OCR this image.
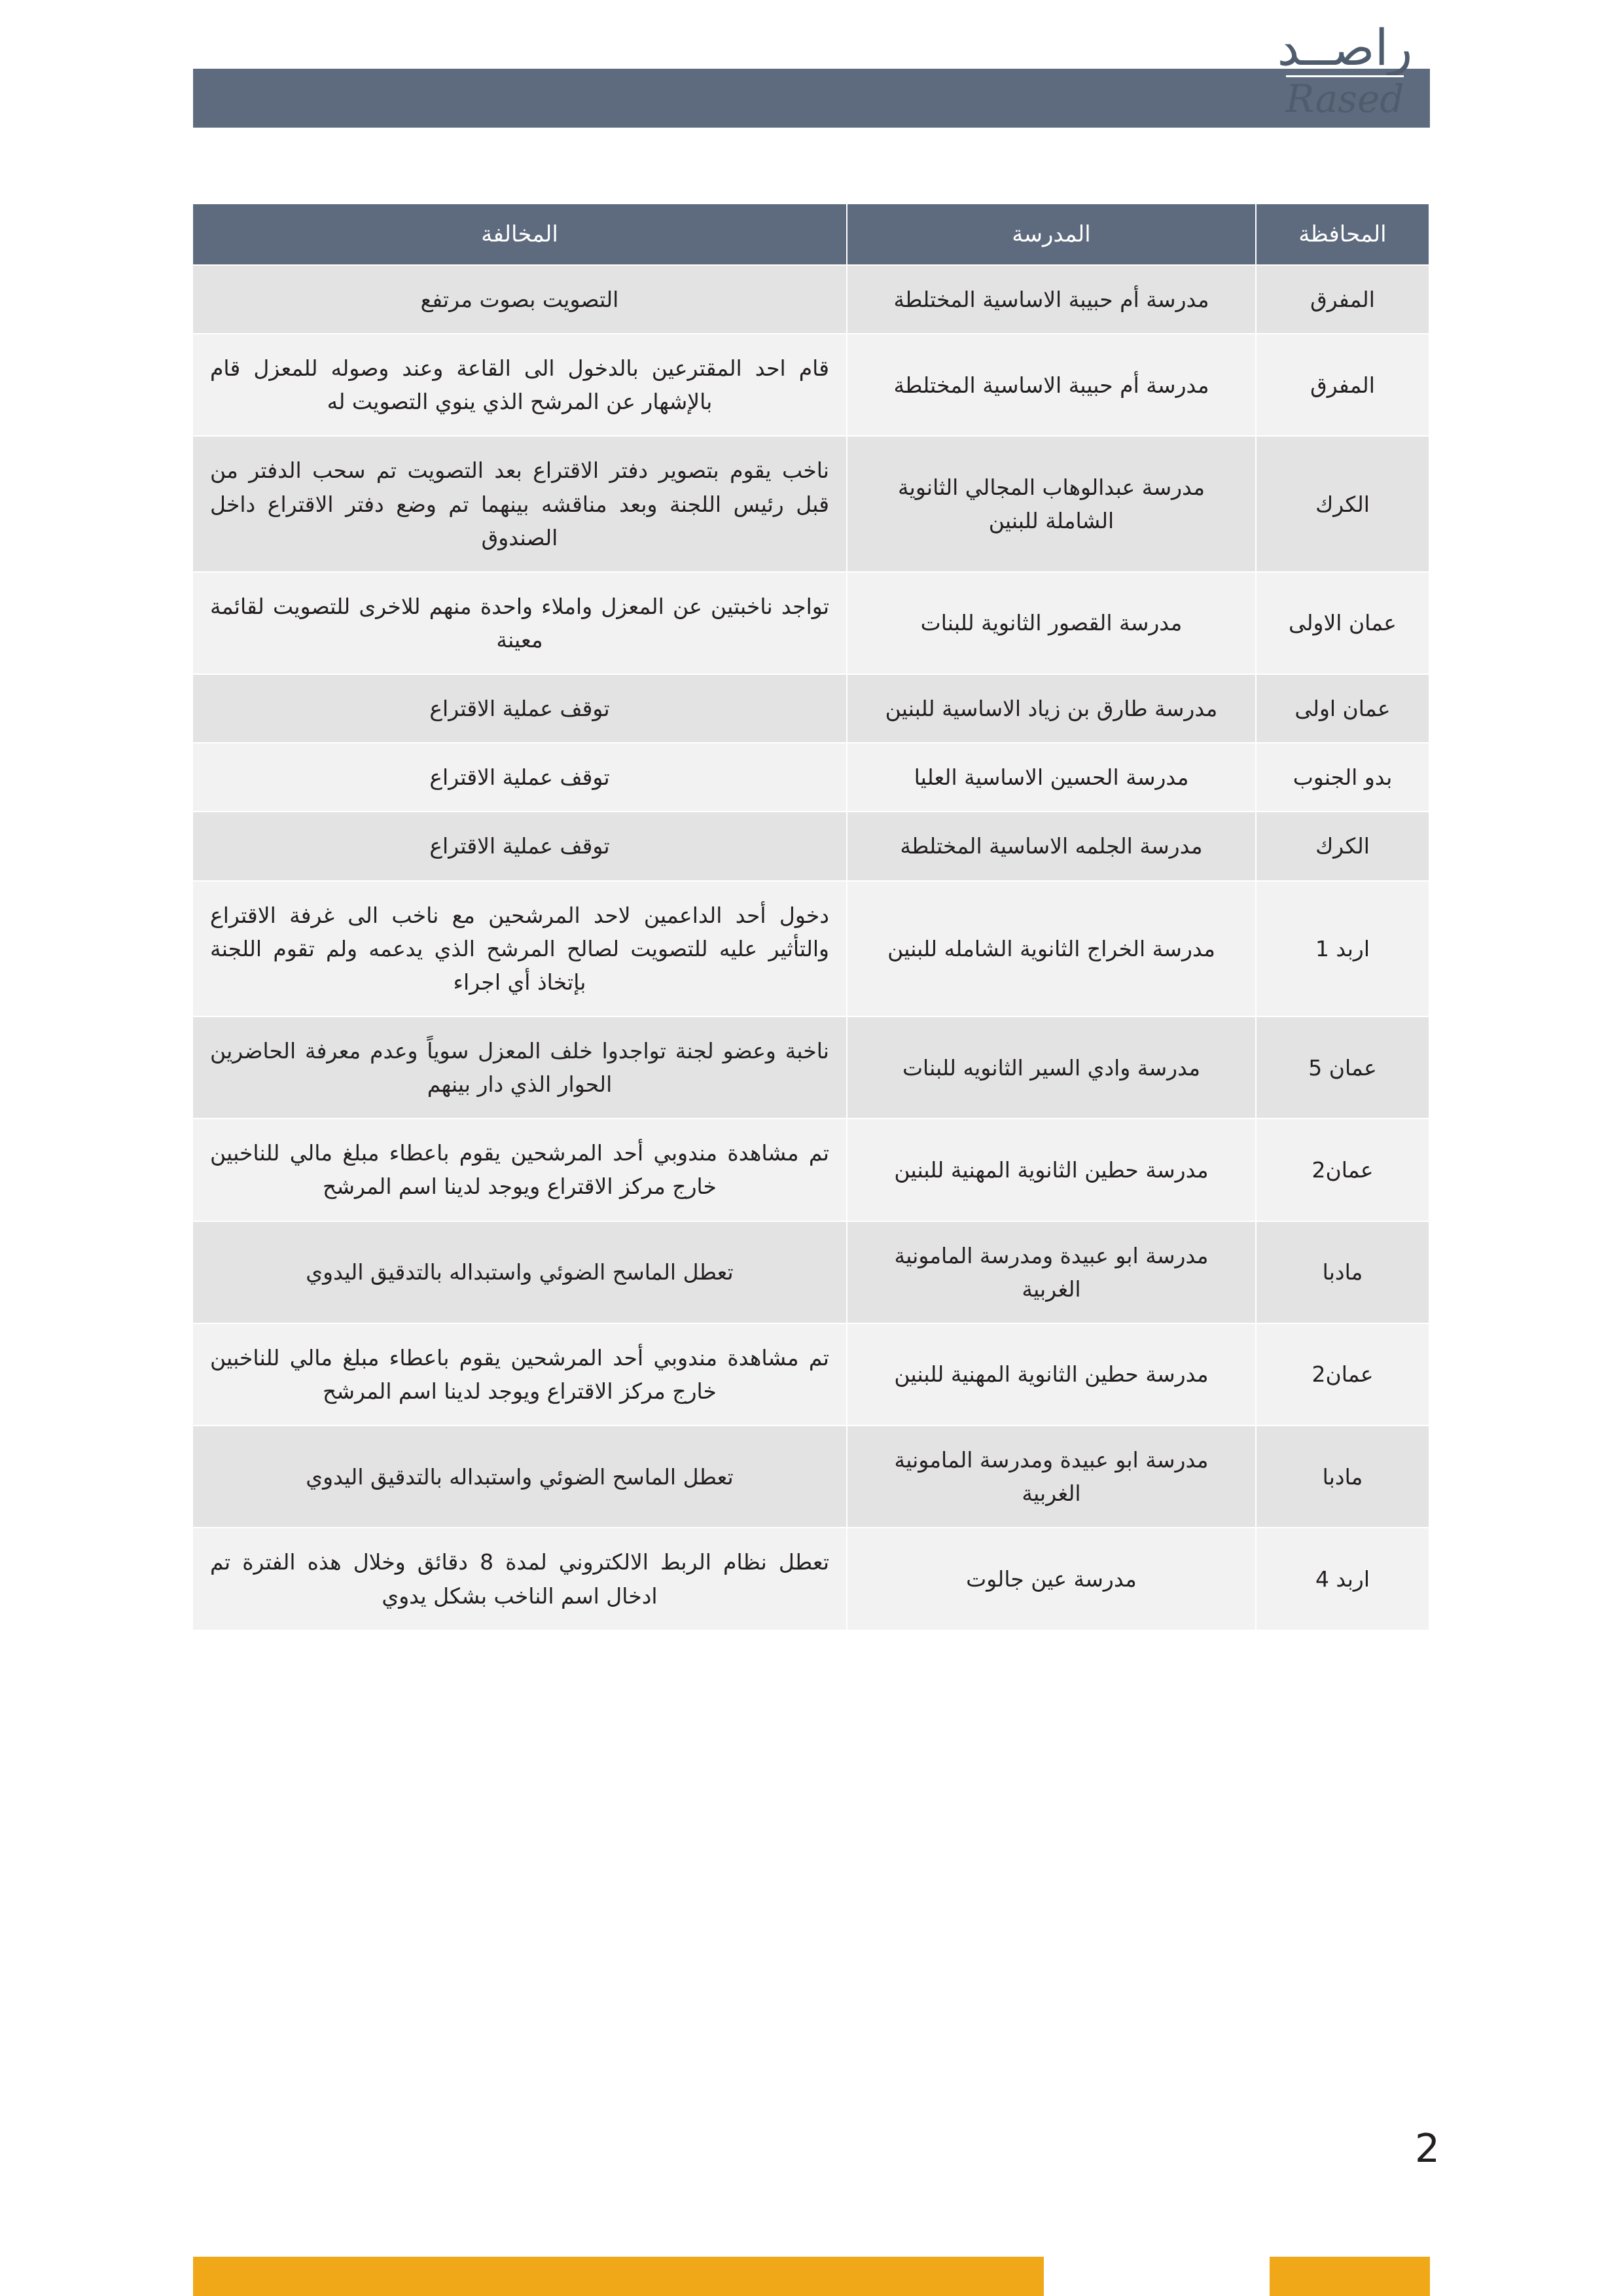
راصــد
Rased
المحافظة	المدرسة	المخالفة
المفرق	مدرسة أم حبيبة الاساسية المختلطة	التصويت بصوت مرتفع
المفرق	مدرسة أم حبيبة الاساسية المختلطة	قام احد المقترعين بالدخول الى القاعة وعند وصوله للمعزل قام بالإشهار عن المرشح الذي ينوي التصويت له
الكرك	مدرسة عبدالوهاب المجالي الثانوية الشاملة للبنين	ناخب يقوم بتصوير دفتر الاقتراع بعد التصويت تم سحب الدفتر من قبل رئيس اللجنة وبعد مناقشه بينهما تم وضع دفتر الاقتراع داخل الصندوق
عمان الاولى	مدرسة القصور الثانوية للبنات	تواجد ناخبتين عن المعزل واملاء واحدة منهم للاخرى للتصويت لقائمة معينة
عمان اولى	مدرسة طارق بن زياد الاساسية للبنين	توقف عملية الاقتراع
بدو الجنوب	مدرسة الحسين الاساسية العليا	توقف عملية الاقتراع
الكرك	مدرسة الجلمه الاساسية المختلطة	توقف عملية الاقتراع
اربد 1	مدرسة الخراج الثانوية الشامله للبنين	دخول أحد الداعمين لاحد المرشحين مع ناخب الى غرفة الاقتراع والتأثير عليه للتصويت لصالح المرشح الذي يدعمه ولم تقوم اللجنة بإتخاذ أي اجراء
عمان 5	مدرسة وادي السير الثانويه للبنات	ناخبة وعضو لجنة تواجدوا خلف المعزل سوياً وعدم معرفة الحاضرين الحوار الذي دار بينهم
عمان2	مدرسة حطين الثانوية المهنية للبنين	تم مشاهدة مندوبي أحد المرشحين يقوم باعطاء مبلغ مالي للناخبين خارج مركز الاقتراع ويوجد لدينا اسم المرشح
مادبا	مدرسة ابو عبيدة ومدرسة المامونية الغربية	تعطل الماسح الضوئي واستبداله بالتدقيق اليدوي
عمان2	مدرسة حطين الثانوية المهنية للبنين	تم مشاهدة مندوبي أحد المرشحين يقوم باعطاء مبلغ مالي للناخبين خارج مركز الاقتراع ويوجد لدينا اسم المرشح
مادبا	مدرسة ابو عبيدة ومدرسة المامونية الغربية	تعطل الماسح الضوئي واستبداله بالتدقيق اليدوي
اربد 4	مدرسة عين جالوت	تعطل نظام الربط الالكتروني لمدة 8 دقائق وخلال هذه الفترة تم ادخال اسم الناخب بشكل يدوي
2
